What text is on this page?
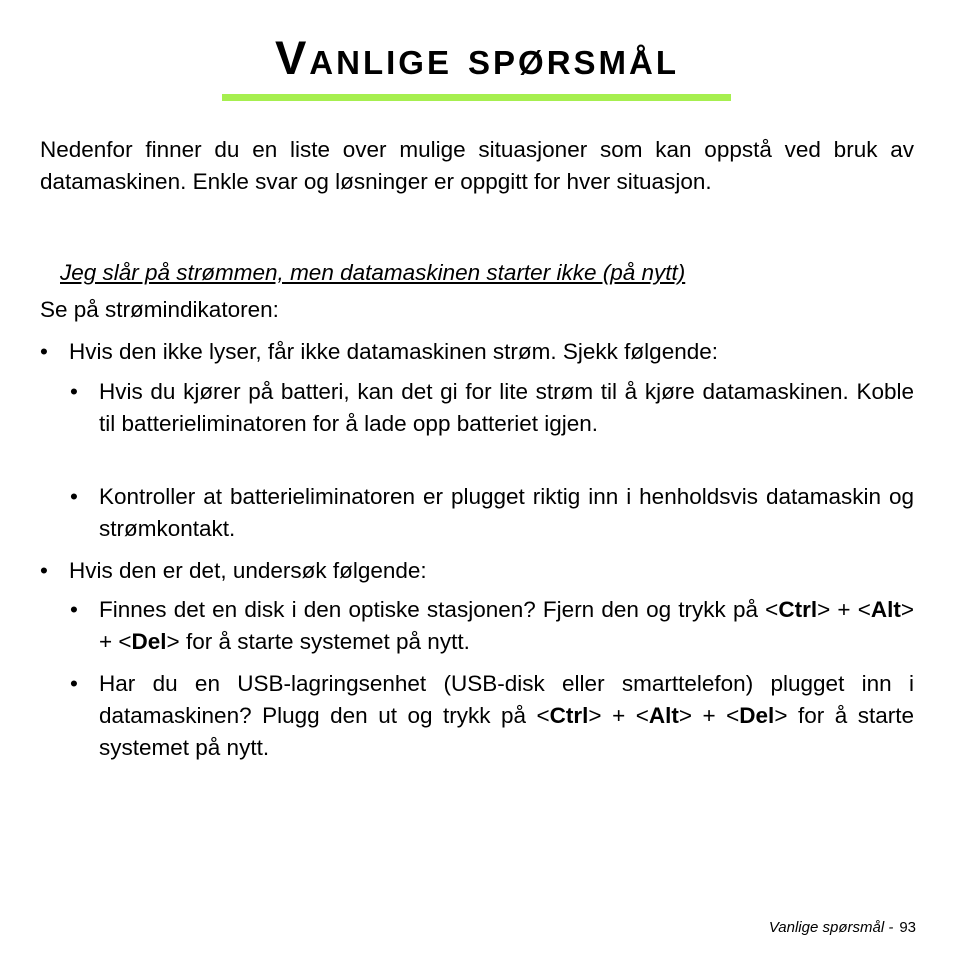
Vanlige spørsmål

Nedenfor finner du en liste over mulige situasjoner som kan oppstå ved bruk av datamaskinen. Enkle svar og løsninger er oppgitt for hver situasjon.

Jeg slår på strømmen, men datamaskinen starter ikke (på nytt)

Se på strømindikatoren:

• Hvis den ikke lyser, får ikke datamaskinen strøm. Sjekk følgende:
• Hvis du kjører på batteri, kan det gi for lite strøm til å kjøre datamaskinen. Koble til batterieliminatoren for å lade opp batteriet igjen.
• Kontroller at batterieliminatoren er plugget riktig inn i henholdsvis datamaskin og strømkontakt.
• Hvis den er det, undersøk følgende:
• Finnes det en disk i den optiske stasjonen? Fjern den og trykk på <Ctrl> + <Alt> + <Del> for å starte systemet på nytt.
• Har du en USB-lagringsenhet (USB-disk eller smarttelefon) plugget inn i datamaskinen? Plugg den ut og trykk på <Ctrl> + <Alt> + <Del> for å starte systemet på nytt.

Vanlige spørsmål - 93
